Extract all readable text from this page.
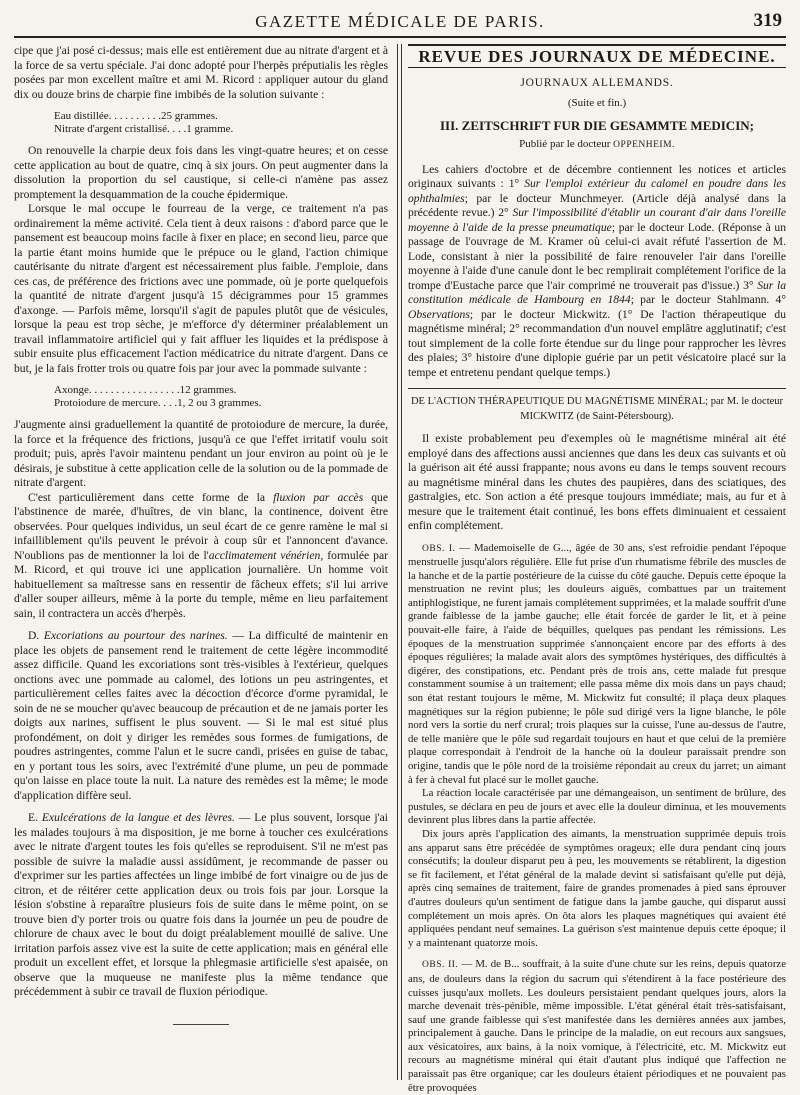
GAZETTE MÉDICALE DE PARIS.	319

cipe que j'ai posé ci-dessus; mais elle est entièrement due au nitrate d'argent et à la force de sa vertu spéciale. J'ai donc adopté pour l'herpès préputialis les règles posées par mon excellent maître et ami M. Ricord : appliquer autour du gland dix ou douze brins de charpie fine imbibés de la solution suivante :

Eau distillée . . . . . . . . . . 25 grammes.
Nitrate d'argent cristallisé . . . . 1 gramme.

On renouvelle la charpie deux fois dans les vingt-quatre heures; et on cesse cette application au bout de quatre, cinq à six jours. On peut augmenter dans la dissolution la proportion du sel caustique, si celle-ci n'amène pas assez promptement la desquammation de la couche épidermique.

Lorsque le mal occupe le fourreau de la verge, ce traitement n'a pas ordinairement la même activité. Cela tient à deux raisons : d'abord parce que le pansement est beaucoup moins facile à fixer en place; en second lieu, parce que la partie étant moins humide que le prépuce ou le gland, l'action chimique cautérisante du nitrate d'argent est nécessairement plus faible. J'emploie, dans ces cas, de préférence des frictions avec une pommade, où je porte quelquefois la quantité de nitrate d'argent jusqu'à 15 décigrammes pour 15 grammes d'axonge. — Parfois même, lorsqu'il s'agit de papules plutôt que de vésicules, lorsque la peau est trop sèche, je m'efforce d'y déterminer préalablement un travail inflammatoire artificiel qui y fait affluer les liquides et la prédispose à subir ensuite plus efficacement l'action médicatrice du nitrate d'argent. Dans ce but, je la fais frotter trois ou quatre fois par jour avec la pommade suivante :

Axonge . . . . . . . . . . . . . . . . . 12 grammes.
Protoiodure de mercure . . . . 1, 2 ou 3 grammes.

J'augmente ainsi graduellement la quantité de protoiodure de mercure, la durée, la force et la fréquence des frictions, jusqu'à ce que l'effet irritatif voulu soit produit; puis, après l'avoir maintenu pendant un jour environ au point où je le désirais, je substitue à cette application celle de la solution ou de la pommade de nitrate d'argent.

C'est particulièrement dans cette forme de la fluxion par accès que l'abstinence de marée, d'huîtres, de vin blanc, la continence, doivent être observées. Pour quelques individus, un seul écart de ce genre ramène le mal si infailliblement qu'ils peuvent le prévoir à coup sûr et l'annoncent d'avance. N'oublions pas de mentionner la loi de l'acclimatement vénérien, formulée par M. Ricord, et qui trouve ici une application journalière. Un homme voit habituellement sa maîtresse sans en ressentir de fâcheux effets; s'il lui arrive d'aller souper ailleurs, même à la porte du temple, même en lieu parfaitement sain, il contractera un accès d'herpès.

D. Excoriations au pourtour des narines. — La difficulté de maintenir en place les objets de pansement rend le traitement de cette légère incommodité assez difficile. Quand les excoriations sont très-visibles à l'extérieur, quelques onctions avec une pommade au calomel, des lotions un peu astringentes, et particulièrement celles faites avec la décoction d'écorce d'orme pyramidal, le soin de ne se moucher qu'avec beaucoup de précaution et de ne jamais porter les doigts aux narines, suffisent le plus souvent. — Si le mal est situé plus profondément, on doit y diriger les remèdes sous formes de fumigations, de poudres astringentes, comme l'alun et le sucre candi, prisées en guise de tabac, en y portant tous les soirs, avec l'extrémité d'une plume, un peu de pommade qu'on laisse en place toute la nuit. La nature des remèdes est la même; le mode d'application diffère seul.

E. Exulcérations de la langue et des lèvres. — Le plus souvent, lorsque j'ai les malades toujours à ma disposition, je me borne à toucher ces exulcérations avec le nitrate d'argent toutes les fois qu'elles se reproduisent. S'il ne m'est pas possible de suivre la maladie aussi assidûment, je recommande de passer ou d'exprimer sur les parties affectées un linge imbibé de fort vinaigre ou de jus de citron, et de réitérer cette application deux ou trois fois par jour. Lorsque la lésion s'obstine à reparaître plusieurs fois de suite dans le même point, on se trouve bien d'y porter trois ou quatre fois dans la journée un peu de poudre de chlorure de chaux avec le bout du doigt préalablement mouillé de salive. Une irritation parfois assez vive est la suite de cette application; mais en général elle produit un excellent effet, et lorsque la phlegmasie artificielle s'est apaisée, on observe que la muqueuse ne manifeste plus la même tendance que précédemment à subir ce travail de fluxion périodique.

REVUE DES JOURNAUX DE MÉDECINE.
JOURNAUX ALLEMANDS.
(Suite et fin.)
III. ZEITSCHRIFT FUR DIE GESAMMTE MEDICIN;
Publié par le docteur OPPENHEIM.

Les cahiers d'octobre et de décembre contiennent les notices et articles originaux suivants : 1° Sur l'emploi extérieur du calomel en poudre dans les ophthalmies; par le docteur Munchmeyer. (Article déjà analysé dans la précédente revue.) 2° Sur l'impossibilité d'établir un courant d'air dans l'oreille moyenne à l'aide de la presse pneumatique; par le docteur Lode. (Réponse à un passage de l'ouvrage de M. Kramer où celui-ci avait réfuté l'assertion de M. Lode, consistant à nier la possibilité de faire renouveler l'air dans l'oreille moyenne à l'aide d'une canule dont le bec remplirait complétement l'orifice de la trompe d'Eustache parce que l'air comprimé ne trouverait pas d'issue.) 3° Sur la constitution médicale de Hambourg en 1844; par le docteur Stahlmann. 4° Observations; par le docteur Mickwitz. (1° De l'action thérapeutique du magnétisme minéral; 2° recommandation d'un nouvel emplâtre agglutinatif; c'est tout simplement de la colle forte étendue sur du linge pour rapprocher les lèvres des plaies; 3° histoire d'une diplopie guérie par un petit vésicatoire placé sur la tempe et entretenu pendant quelque temps.)

DE L'ACTION THÉRAPEUTIQUE DU MAGNÉTISME MINÉRAL; par M. le docteur MICKWITZ (de Saint-Pétersbourg).

Il existe probablement peu d'exemples où le magnétisme minéral ait été employé dans des affections aussi anciennes que dans les deux cas suivants et où la guérison ait été aussi frappante; nous avons eu dans le temps souvent recours au magnétisme minéral dans les chutes des paupières, dans des sciatiques, des gastralgies, etc. Son action a été presque toujours immédiate; mais, au fur et à mesure que le traitement était continué, les bons effets diminuaient et cessaient enfin complétement.

OBS. I. — Mademoiselle de G..., âgée de 30 ans, s'est refroidie pendant l'époque menstruelle jusqu'alors régulière. Elle fut prise d'un rhumatisme fébrile des muscles de la hanche et de la partie postérieure de la cuisse du côté gauche. Depuis cette époque la menstruation ne revint plus; les douleurs aiguës, combattues par un traitement antiphlogistique, ne furent jamais complétement supprimées, et la malade souffrit d'une grande faiblesse de la jambe gauche; elle était forcée de garder le lit, et à peine pouvait-elle faire, à l'aide de béquilles, quelques pas pendant les rémissions. Les époques de la menstruation supprimée s'annonçaient encore par des efforts à des époques régulières; la malade avait alors des symptômes hystériques, des difficultés à digérer, des constipations, etc. Pendant près de trois ans, cette malade fut presque constamment soumise à un traitement; elle passa même dix mois dans un pays chaud; son état restant toujours le même, M. Mickwitz fut consulté; il plaça deux plaques magnétiques sur la région pubienne; le pôle sud dirigé vers la ligne blanche, le pôle nord vers la sortie du nerf crural; trois plaques sur la cuisse, l'une au-dessus de l'autre, de telle manière que le pôle sud regardait toujours en haut et que celui de la première plaque correspondait à l'endroit de la hanche où la douleur paraissait prendre son origine, tandis que le pôle nord de la troisième répondait au creux du jarret; un aimant à fer à cheval fut placé sur le mollet gauche.

La réaction locale caractérisée par une démangeaison, un sentiment de brûlure, des pustules, se déclara en peu de jours et avec elle la douleur diminua, et les mouvements devinrent plus libres dans la partie affectée.

Dix jours après l'application des aimants, la menstruation supprimée depuis trois ans apparut sans être précédée de symptômes orageux; elle dura pendant cinq jours consécutifs; la douleur disparut peu à peu, les mouvements se rétablirent, la digestion se fit facilement, et l'état général de la malade devint si satisfaisant qu'elle put déjà, après cinq semaines de traitement, faire de grandes promenades à pied sans éprouver d'autres douleurs qu'un sentiment de fatigue dans la jambe gauche, qui disparut aussi complétement un mois après. On ôta alors les plaques magnétiques qui avaient été appliquées pendant neuf semaines. La guérison s'est maintenue depuis cette époque; il y a maintenant quatorze mois.

OBS. II. — M. de B... souffrait, à la suite d'une chute sur les reins, depuis quatorze ans, de douleurs dans la région du sacrum qui s'étendirent à la face postérieure des cuisses jusqu'aux mollets. Les douleurs persistaient pendant quelques jours, alors la marche devenait très-pénible, même impossible. L'état général était très-satisfaisant, sauf une grande faiblesse qui s'est manifestée dans les dernières années aux jambes, principalement à gauche. Dans le principe de la maladie, on eut recours aux sangsues, aux vésicatoires, aux bains, à la noix vomique, à l'électricité, etc. M. Mickwitz eut recours au magnétisme minéral qui était d'autant plus indiqué que l'affection ne paraissait pas être organique; car les douleurs étaient périodiques et ne pouvaient pas être provoquées
